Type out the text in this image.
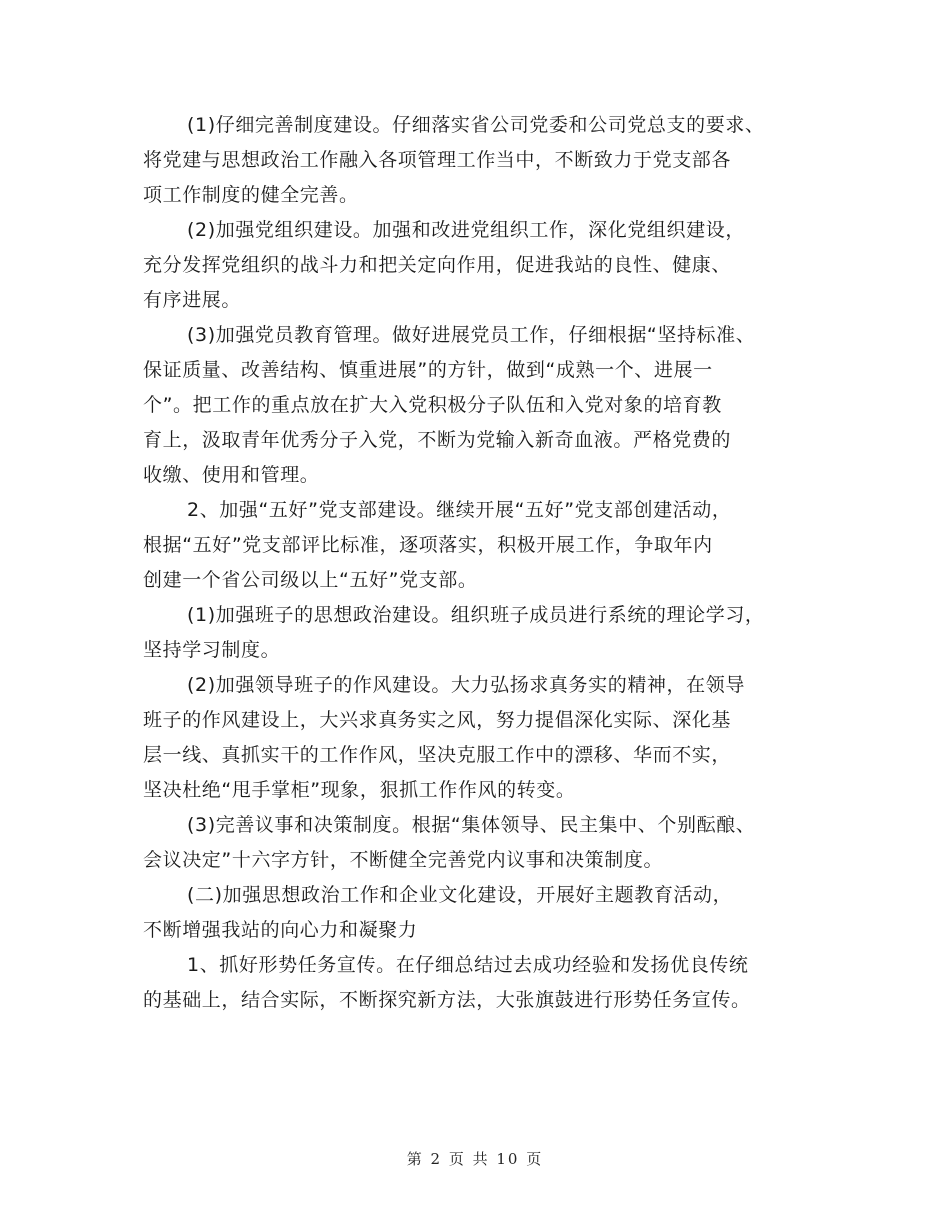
(1)仔细完善制度建设。仔细落实省公司党委和公司党总支的要求、
将党建与思想政治工作融入各项管理工作当中，不断致力于党支部各
项工作制度的健全完善。
(2)加强党组织建设。加强和改进党组织工作，深化党组织建设，
充分发挥党组织的战斗力和把关定向作用，促进我站的良性、健康、
有序进展。
(3)加强党员教育管理。做好进展党员工作，仔细根据“坚持标准、
保证质量、改善结构、慎重进展”的方针，做到“成熟一个、进展一
个”。把工作的重点放在扩大入党积极分子队伍和入党对象的培育教
育上，汲取青年优秀分子入党，不断为党输入新奇血液。严格党费的
收缴、使用和管理。
2、加强“五好”党支部建设。继续开展“五好”党支部创建活动，
根据“五好”党支部评比标准，逐项落实，积极开展工作，争取年内
创建一个省公司级以上“五好”党支部。
(1)加强班子的思想政治建设。组织班子成员进行系统的理论学习，
坚持学习制度。
(2)加强领导班子的作风建设。大力弘扬求真务实的精神，在领导
班子的作风建设上，大兴求真务实之风，努力提倡深化实际、深化基
层一线、真抓实干的工作作风，坚决克服工作中的漂移、华而不实，
坚决杜绝“甩手掌柜”现象，狠抓工作作风的转变。
(3)完善议事和决策制度。根据“集体领导、民主集中、个别酝酿、
会议决定”十六字方针，不断健全完善党内议事和决策制度。
(二)加强思想政治工作和企业文化建设，开展好主题教育活动，
不断增强我站的向心力和凝聚力
1、抓好形势任务宣传。在仔细总结过去成功经验和发扬优良传统
的基础上，结合实际，不断探究新方法，大张旗鼓进行形势任务宣传。
第 2 页 共 10 页
